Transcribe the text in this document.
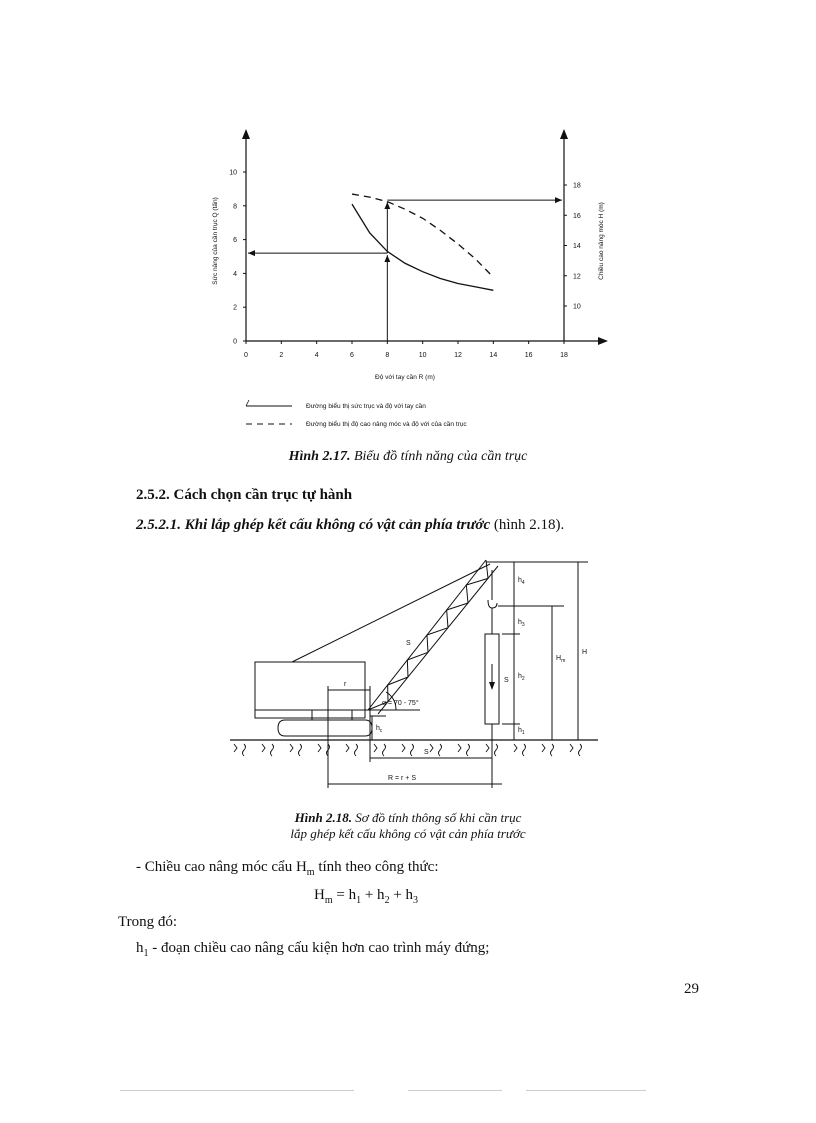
0	2	4	6	8	10	12	14	16	18
0
2
4
6
8
10
10
12
14
16
18
Độ với tay cần R (m)
Sức nâng của cần trục Q (tấn)	Chiều cao nâng móc H (m)
Đường biểu thị sức trục và độ với tay cần
Đường biểu thị độ cao nâng móc và độ với của cần trục
Hình 2.17. Biểu đồ tính năng của cần trục
2.5.2. Cách chọn cần trục tự hành
2.5.2.1. Khi lắp ghép kết cấu không có vật cản phía trước (hình 2.18).
S
S
S
r
α = 70 - 75°
R = r + S
$h_4$
$h_3$
$h_2$
$h_1$
$h_c$
$H_m$
H
Hình 2.18. Sơ đồ tính thông số khi cần trục
lắp ghép kết cấu không có vật cản phía trước
- Chiều cao nâng móc cẩu $H_m$ tính theo công thức:
$H_m = h_1 + h_2 + h_3$
Trong đó:
$h_1$ - đoạn chiều cao nâng cấu kiện hơn cao trình máy đứng;
29
